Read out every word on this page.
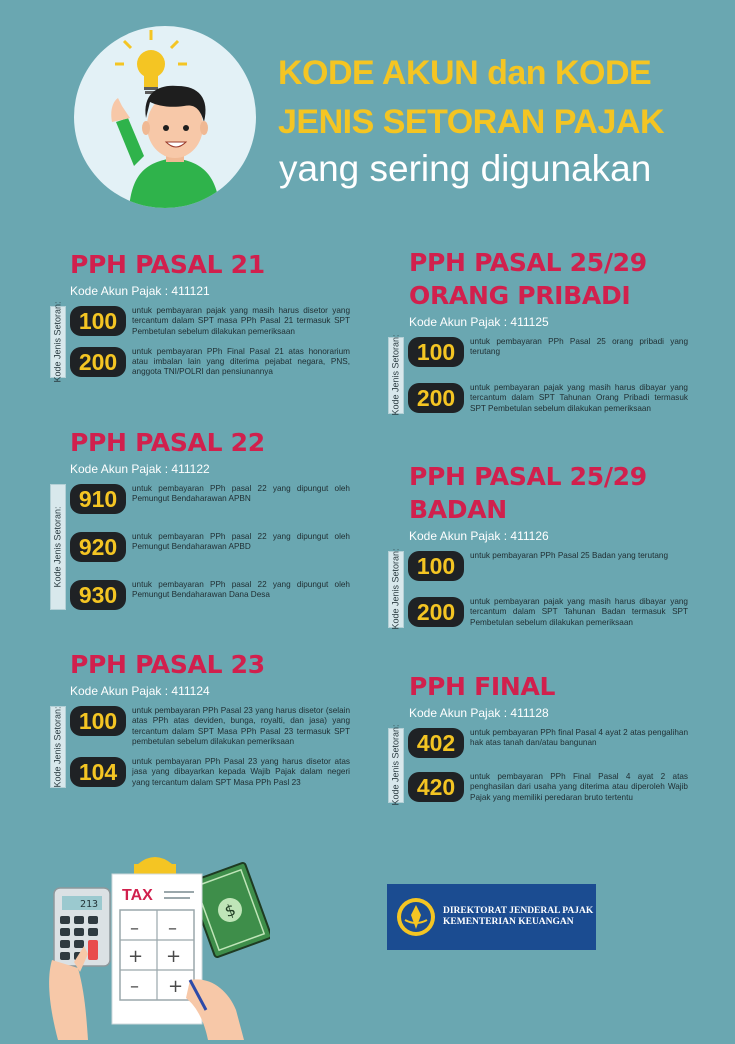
KODE AKUN dan KODE
JENIS SETORAN PAJAK
yang sering digunakan
PPH PASAL 21
Kode Akun Pajak : 411121
Kode Jenis Setoran: 100	untuk pembayaran pajak yang masih harus disetor yang tercantum dalam SPT masa PPh Pasal 21 termasuk SPT Pembetulan sebelum dilakukan pemeriksaan
200	untuk pembayaran PPh Final Pasal 21 atas honorarium atau imbalan lain yang diterima pejabat negara, PNS, anggota TNI/POLRI dan pensiunannya
PPH PASAL 22
Kode Akun Pajak : 411122
Kode Jenis Setoran:
910	untuk pembayaran PPh pasal 22 yang dipungut oleh Pemungut Bendaharawan APBN
920	untuk pembayaran PPh pasal 22 yang dipungut oleh Pemungut Bendaharawan APBD
930	untuk pembayaran PPh pasal 22 yang dipungut oleh Pemungut Bendaharawan Dana Desa
PPH PASAL 23
Kode Akun Pajak : 411124
Kode Jenis Setoran: 100	untuk pembayaran PPh Pasal 23 yang harus disetor (selain atas PPh atas deviden, bunga, royalti, dan jasa) yang tercantum dalam SPT Masa PPh Pasal 23 termasuk SPT pembetulan sebelum dilakukan pemeriksaan
104	untuk pembayaran PPh Pasal 23 yang harus disetor atas jasa yang dibayarkan kepada Wajib Pajak dalam negeri yang tercantum dalam SPT Masa PPh Pasl 23
PPH PASAL 25/29
ORANG PRIBADI
Kode Akun Pajak : 411125
Kode Jenis Setoran: 100	untuk pembayaran PPh Pasal 25 orang pribadi yang terutang
200	untuk pembayaran pajak yang masih harus dibayar yang tercantum dalam SPT Tahunan Orang Pribadi termasuk SPT Pembetulan sebelum dilakukan pemeriksaan
PPH PASAL 25/29
BADAN
Kode Akun Pajak : 411126
Kode Jenis Setoran: 100	untuk pembayaran PPh Pasal 25 Badan yang terutang
200	untuk pembayaran pajak yang masih harus dibayar yang tercantum dalam SPT Tahunan Badan termasuk SPT Pembetulan sebelum dilakukan pemeriksaan
PPH FINAL
Kode Akun Pajak : 411128
Kode Jenis Setoran: 402	untuk pembayaran PPh final Pasal 4 ayat 2 atas pengalihan hak atas tanah dan/atau bangunan
420	untuk pembayaran PPh Final Pasal 4 ayat 2 atas penghasilan dari usaha yang diterima atau diperoleh Wajib Pajak yang memiliki peredaran bruto tertentu
$
TAX
– –
+ +
– +
213
DIREKTORAT JENDERAL PAJAK
KEMENTERIAN KEUANGAN
